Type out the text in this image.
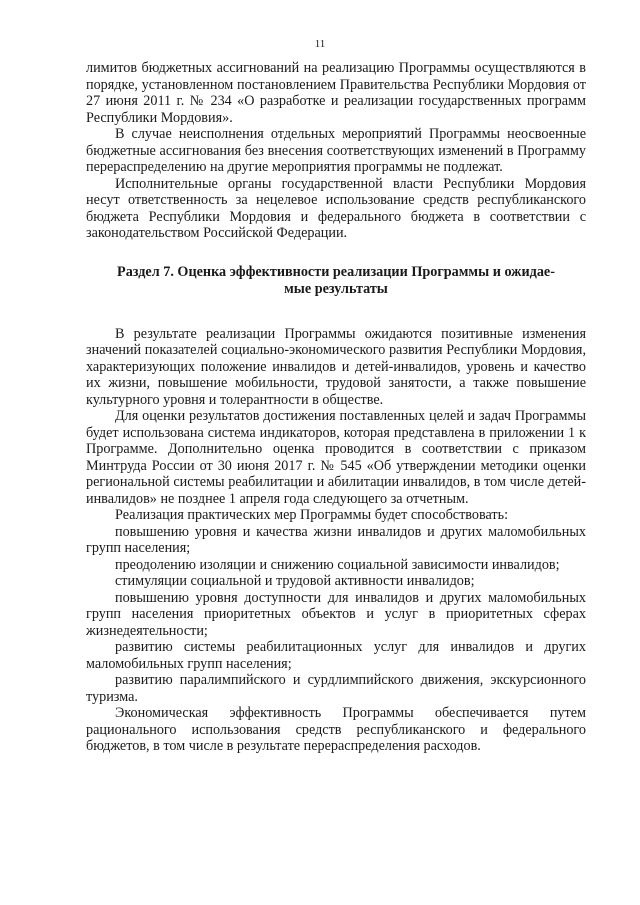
11

лимитов бюджетных ассигнований на реализацию Программы осуществляются в порядке, установленном постановлением Правительства Республики Мордовия от 27 июня 2011 г. № 234 «О разработке и реализации государственных программ Республики Мордовия».

В случае неисполнения отдельных мероприятий Программы неосвоенные бюджетные ассигнования без внесения соответствующих изменений в Программу перераспределению на другие мероприятия программы не подлежат.

Исполнительные органы государственной власти Республики Мордовия несут ответственность за нецелевое использование средств республиканского бюджета Республики Мордовия и федерального бюджета в соответствии с законодательством Российской Федерации.

Раздел 7. Оценка эффективности реализации Программы и ожидае-

мые результаты

В результате реализации Программы ожидаются позитивные изменения значений показателей социально-экономического развития Республики Мордовия, характеризующих положение инвалидов и детей-инвалидов, уровень и качество их жизни, повышение мобильности, трудовой занятости, а также повышение культурного уровня и толерантности в обществе.

Для оценки результатов достижения поставленных целей и задач Программы будет использована система индикаторов, которая представлена в приложении 1 к Программе. Дополнительно оценка проводится в соответствии с приказом Минтруда России от 30 июня 2017 г. № 545 «Об утверждении методики оценки региональной системы реабилитации и абилитации инвалидов, в том числе детей-инвалидов» не позднее 1 апреля года следующего за отчетным.

Реализация практических мер Программы будет способствовать:

повышению уровня и качества жизни инвалидов и других маломобильных групп населения;

преодолению изоляции и снижению социальной зависимости инвалидов;

стимуляции социальной и трудовой активности инвалидов;

повышению уровня доступности для инвалидов и других маломобильных групп населения приоритетных объектов и услуг в приоритетных сферах жизнедеятельности;

развитию системы реабилитационных услуг для инвалидов и других маломобильных групп населения;

развитию паралимпийского и сурдлимпийского движения, экскурсионного туризма.

Экономическая эффективность Программы обеспечивается путем рационального использования средств республиканского и федерального бюджетов, в том числе в результате перераспределения расходов.
